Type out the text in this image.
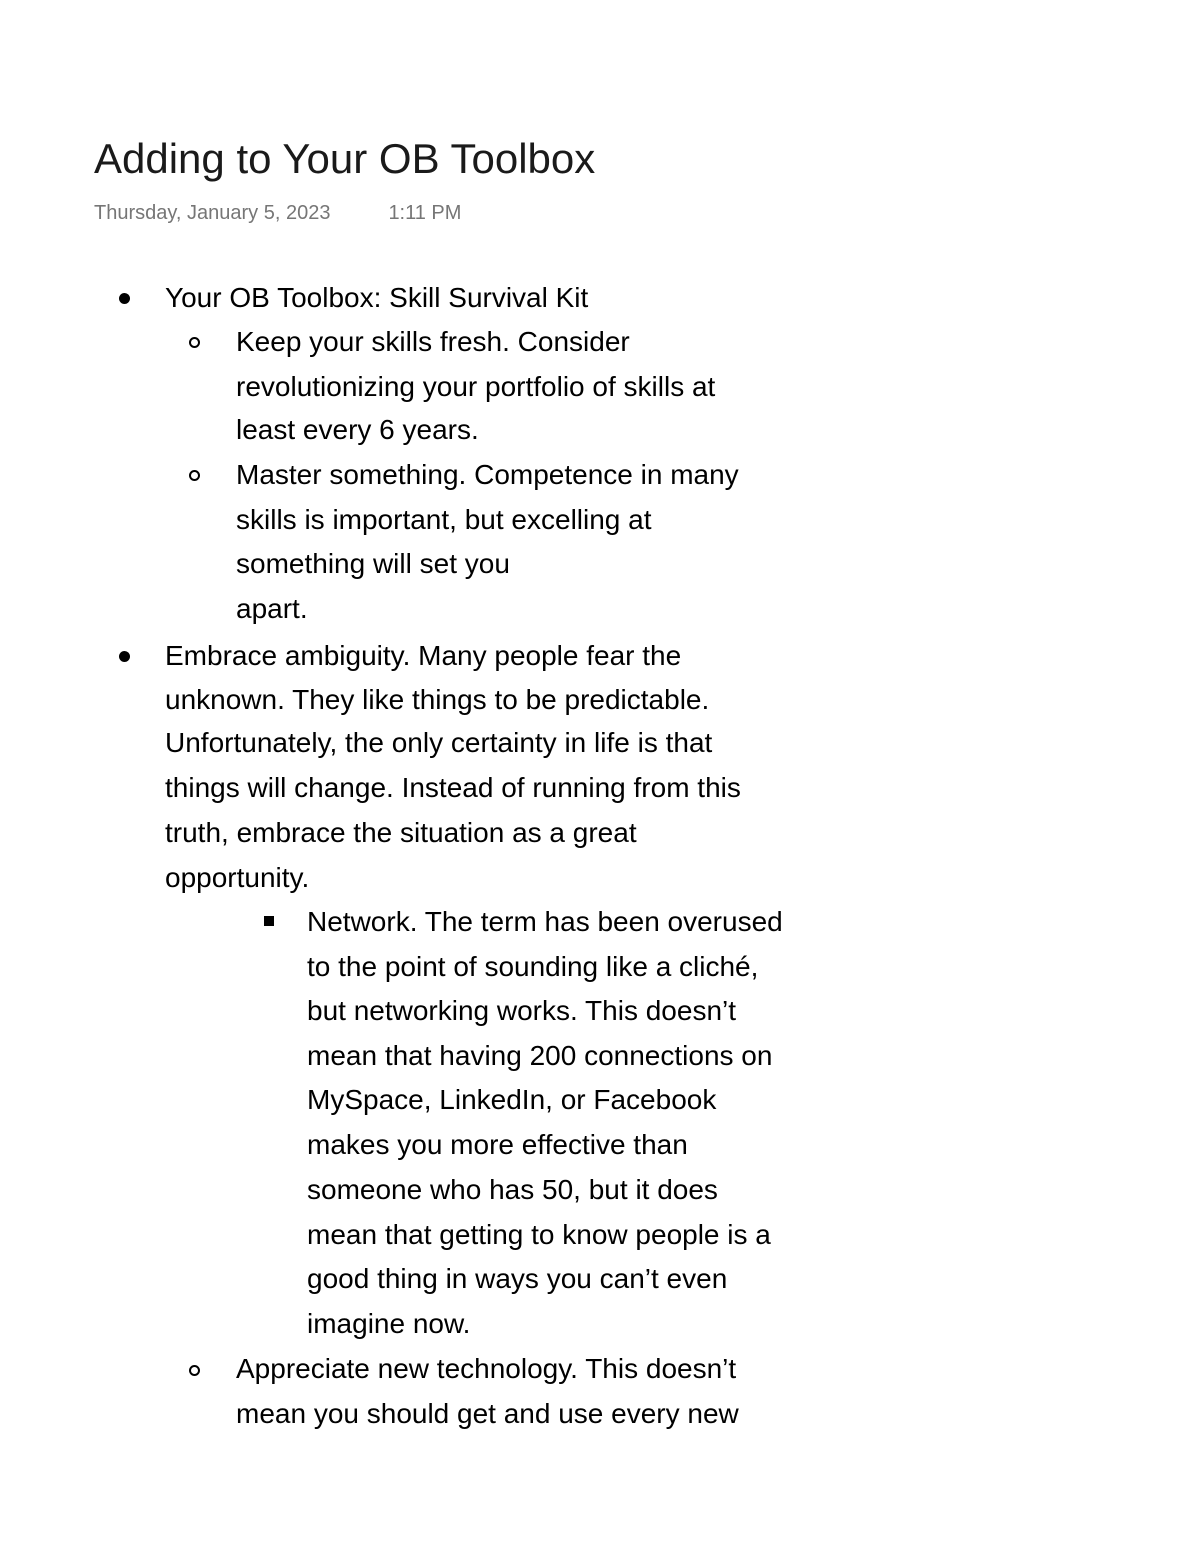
Adding to Your OB Toolbox
Thursday, January 5, 2023	1:11 PM
Your OB Toolbox: Skill Survival Kit
Keep your skills fresh. Consider
revolutionizing your portfolio of skills at
least every 6 years.
Master something. Competence in many
skills is important, but excelling at
something will set you
apart.
Embrace ambiguity. Many people fear the
unknown. They like things to be predictable.
Unfortunately, the only certainty in life is that
things will change. Instead of running from this
truth, embrace the situation as a great
opportunity.
Network. The term has been overused
to the point of sounding like a cliché,
but networking works. This doesn’t
mean that having 200 connections on
MySpace, LinkedIn, or Facebook
makes you more effective than
someone who has 50, but it does
mean that getting to know people is a
good thing in ways you can’t even
imagine now.
Appreciate new technology. This doesn’t
mean you should get and use every new
